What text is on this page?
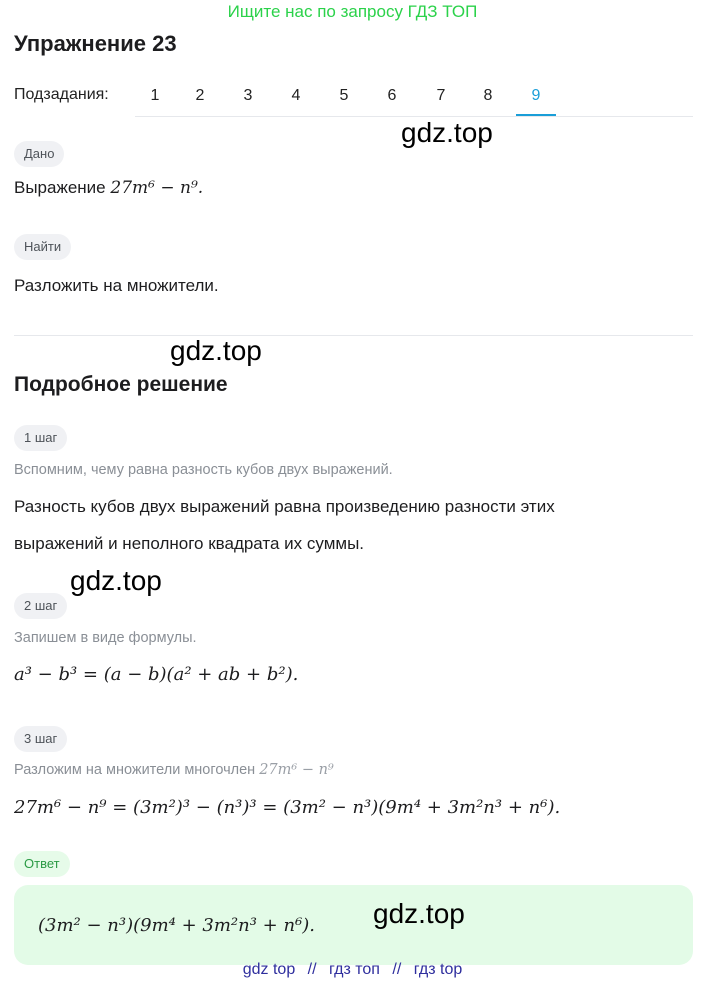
Ищите нас по запросу ГДЗ ТОП
Упражнение 23
Подзадания:	1	2	3	4	5	6	7	8	9
gdz.top
Дано
Выражение 27m⁶ − n⁹.
Найти
Разложить на множители.
gdz.top
Подробное решение
1 шаг
Вспомним, чему равна разность кубов двух выражений.
Разность кубов двух выражений равна произведению разности этих
выражений и неполного квадрата их суммы.
gdz.top
2 шаг
Запишем в виде формулы.
a³ − b³ = (a − b)(a² + ab + b²).
3 шаг
Разложим на множители многочлен 27m⁶ − n⁹
27m⁶ − n⁹ = (3m²)³ − (n³)³ = (3m² − n³)(9m⁴ + 3m²n³ + n⁶).
Ответ
(3m² − n³)(9m⁴ + 3m²n³ + n⁶). gdz.top
gdz top // гдз топ // гдз top
